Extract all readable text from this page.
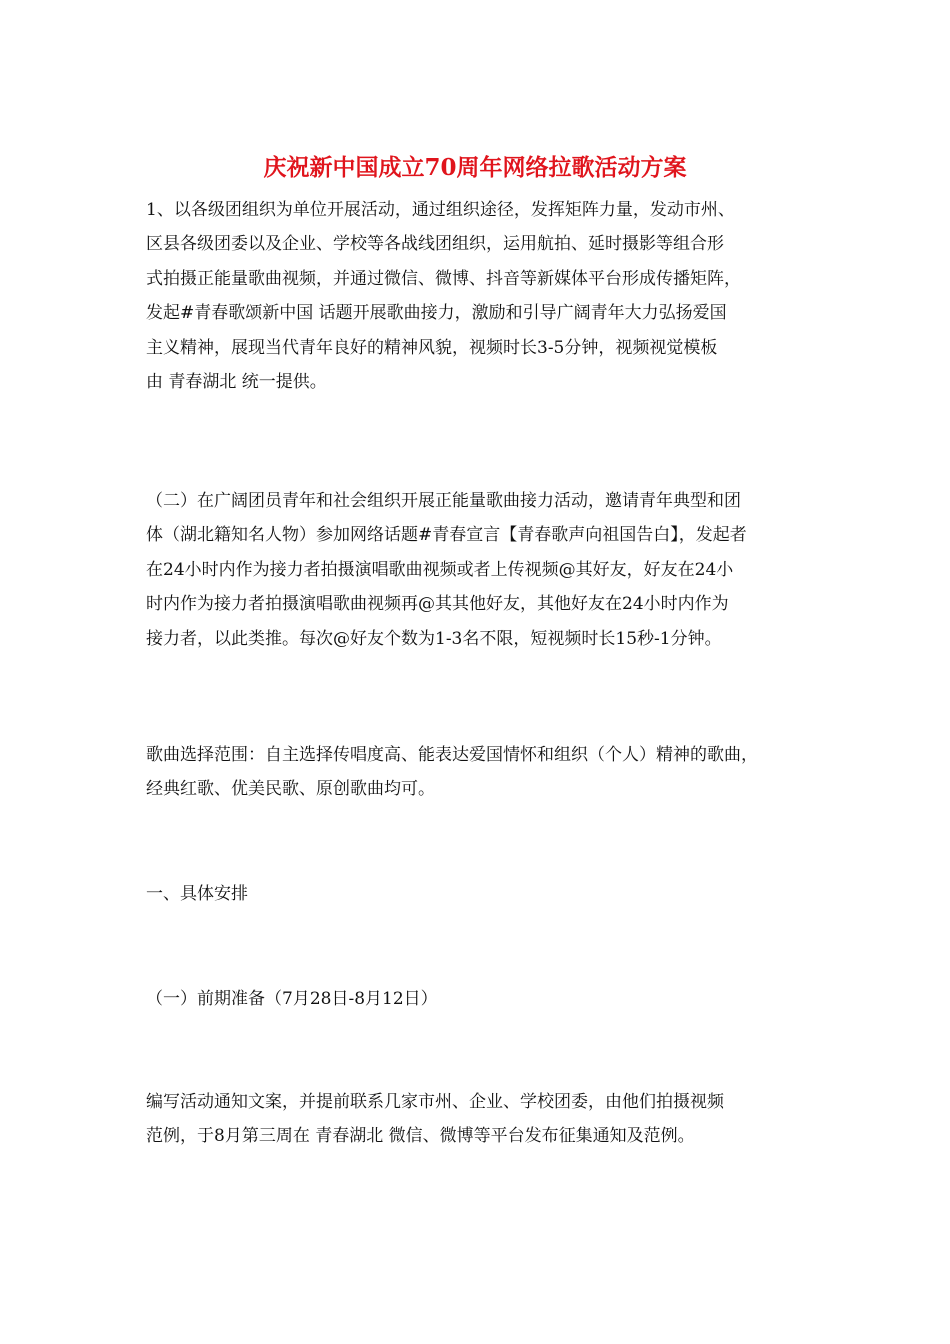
庆祝新中国成立70周年网络拉歌活动方案

1、以各级团组织为单位开展活动，通过组织途径，发挥矩阵力量，发动市州、
区县各级团委以及企业、学校等各战线团组织，运用航拍、延时摄影等组合形
式拍摄正能量歌曲视频，并通过微信、微博、抖音等新媒体平台形成传播矩阵，
发起#青春歌颂新中国 话题开展歌曲接力，激励和引导广阔青年大力弘扬爱国
主义精神，展现当代青年良好的精神风貌，视频时长3-5分钟，视频视觉模板
由 青春湖北 统一提供。

（二）在广阔团员青年和社会组织开展正能量歌曲接力活动，邀请青年典型和团
体（湖北籍知名人物）参加网络话题#青春宣言【青春歌声向祖国告白】，发起者
在24小时内作为接力者拍摄演唱歌曲视频或者上传视频@其好友，好友在24小
时内作为接力者拍摄演唱歌曲视频再@其其他好友，其他好友在24小时内作为
接力者，以此类推。每次@好友个数为1-3名不限，短视频时长15秒-1分钟。

歌曲选择范围：自主选择传唱度高、能表达爱国情怀和组织（个人）精神的歌曲，
经典红歌、优美民歌、原创歌曲均可。

一、具体安排

（一）前期准备（7月28日-8月12日）

编写活动通知文案，并提前联系几家市州、企业、学校团委，由他们拍摄视频
范例，于8月第三周在 青春湖北 微信、微博等平台发布征集通知及范例。
